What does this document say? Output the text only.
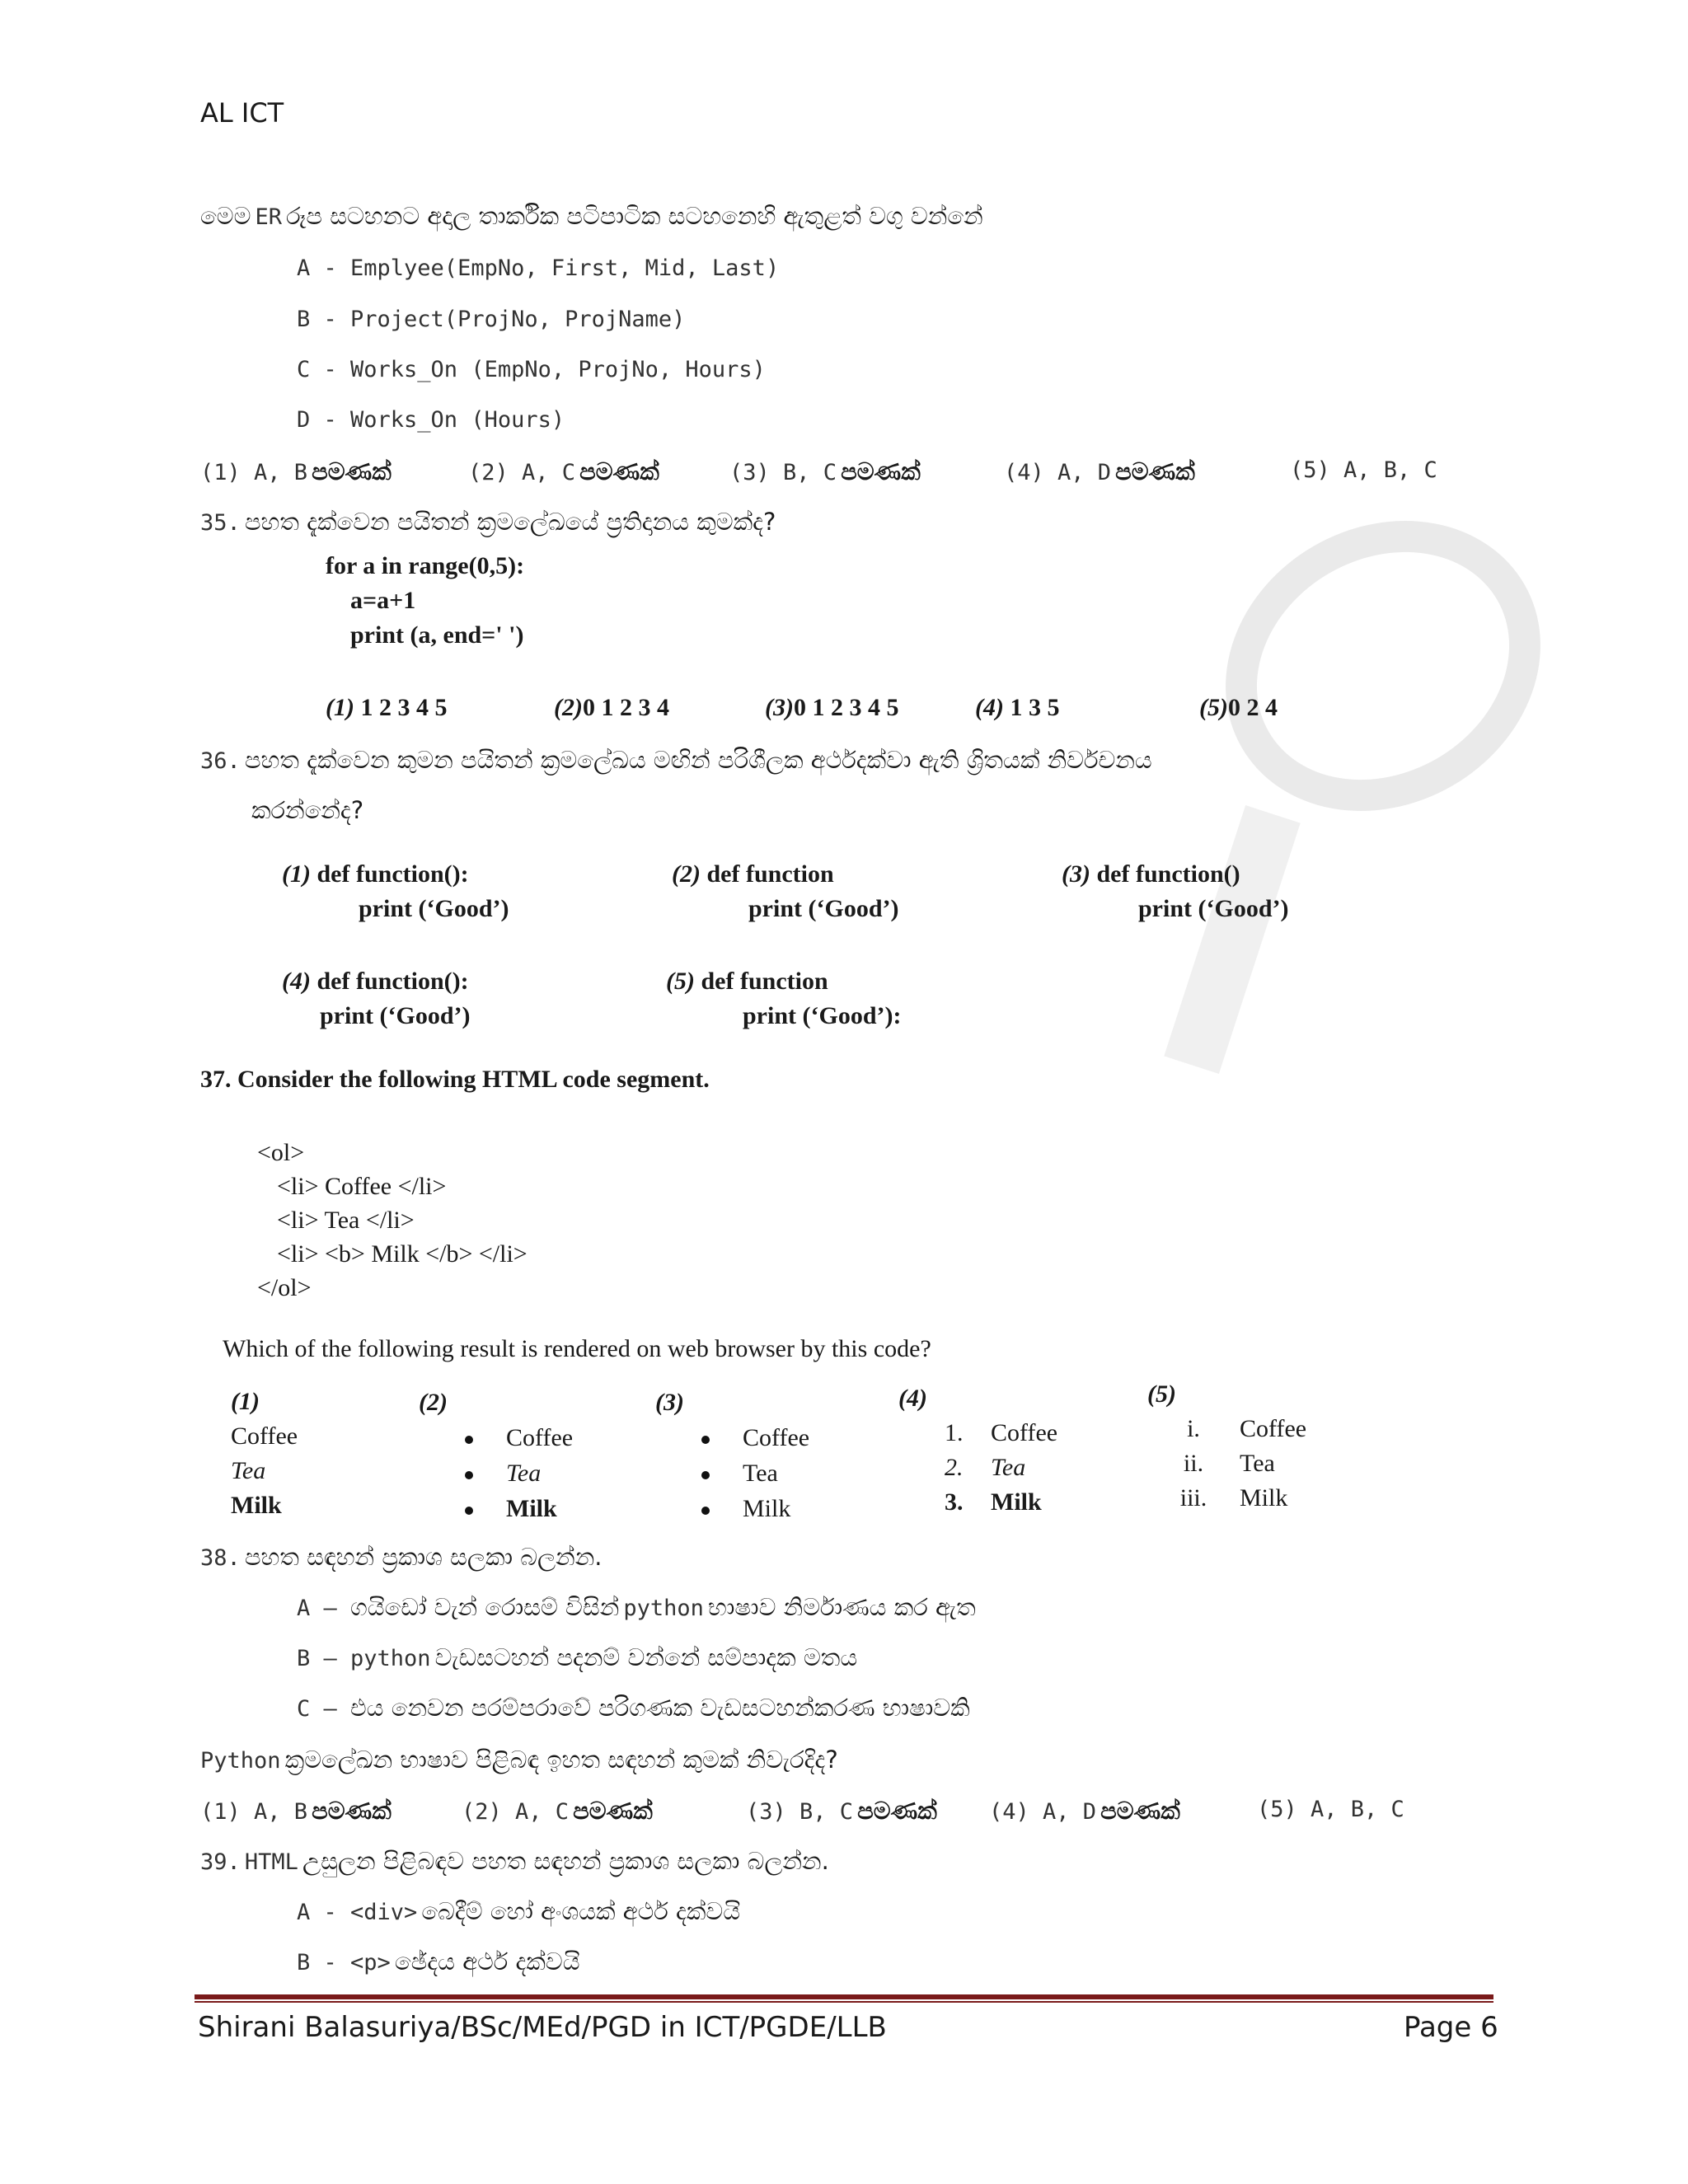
AL ICT
මෙම ER රූප සටහනට අදාල තාර්කික පටිපාටික සටහනෙහි ඇතුළත් වගු වන්නේ
A - Emplyee(EmpNo, First, Mid, Last)
B - Project(ProjNo, ProjName)
C - Works_On (EmpNo, ProjNo, Hours)
D - Works_On (Hours)
(1) A, B පමණක්	(2) A, C පමණක්	(3) B, C පමණක්	(4) A, D පමණක්	(5) A, B, C
35. පහත දැක්වෙන පයිතන් ක්‍රමලේඛයේ ප්‍රතිදානය කුමක්ද?
for a in range(0,5):
a=a+1
print (a, end=' ')
(1) 1 2 3 4 5	(2)0 1 2 3 4	(3)0 1 2 3 4 5	(4) 1 3 5	(5)0 2 4
36. පහත දැක්වෙන කුමන පයිතන් ක්‍රමලේඛය මඟින් පරිශීලක අර්ථදක්වා ඇති ශ්‍රිතයක් නිර්වචනය
කරන්නේද?
(1) def function():
print (‘Good’)
(2) def function
print (‘Good’)
(3) def function()
print (‘Good’)
(4) def function():
print (‘Good’)
(5) def function
print (‘Good’):
37. Consider the following HTML code segment.
<ol>
<li> Coffee </li>
<li> Tea </li>
<li> <b> Milk </b> </li>
</ol>
Which of the following result is rendered on web browser by this code?
(1)
Coffee
Tea
Milk
(2)
Coffee
Tea
Milk
(3)
Coffee
Tea
Milk
(4)
1. Coffee
2. Tea
3. Milk
(5)
i. Coffee
ii. Tea
iii. Milk
38. පහත සඳහන් ප්‍රකාශ සලකා බලන්න.
A – ගයිඩෝ වැන් රොසම් විසින් python භාෂාව නිර්මාණය කර ඇත
B – python වැඩසටහන් පදනම් වන්නේ සම්පාදක මතය
C – එය නෙවන පරම්පරාවේ පරිගණක වැඩසටහන්කරණ භාෂාවකි
Python ක්‍රමලේඛන භාෂාව පිළිබඳ ඉහත සඳහන් කුමක් නිවැරදිද?
(1) A, B පමණක්	(2) A, C පමණක්	(3) B, C පමණක් (4) A, D පමණක්	(5) A, B, C
39. HTML උසුලන පිළිබඳව පහත සඳහන් ප්‍රකාශ සලකා බලන්න.
A - <div> බෙදීම් හෝ අංශයක් අර්ථ දක්වයි
B - <p> ඡේදය අර්ථ දක්වයි
Shirani Balasuriya/BSc/MEd/PGD in ICT/PGDE/LLB	Page 6
